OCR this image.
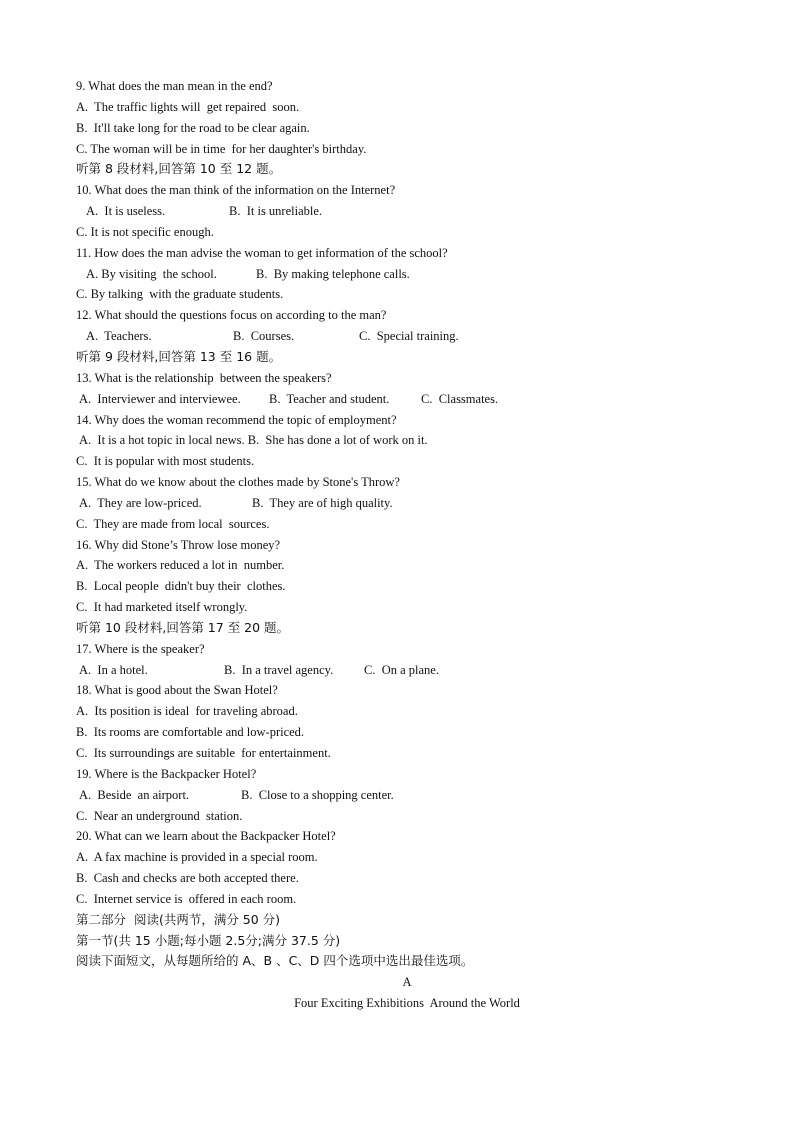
9. What does the man mean in the end?
A.  The traffic lights will  get repaired  soon.
B.  It'll take long for the road to be clear again.
C. The woman will be in time  for her daughter's birthday.
听第 8 段材料,回答第 10 至 12 题。
10. What does the man think of the information on the Internet?
A.  It is useless.	B.  It is unreliable.
C. It is not specific enough.
11. How does the man advise the woman to get information of the school?
A. By visiting  the school.	B.  By making telephone calls.
C. By talking  with the graduate students.
12. What should the questions focus on according to the man?
A.  Teachers.	B.  Courses.	C.  Special training.
听第 9 段材料,回答第 13 至 16 题。
13. What is the relationship  between the speakers?
A.  Interviewer and interviewee. B.  Teacher and student.	C.  Classmates.
14. Why does the woman recommend the topic of employment?
A.  It is a hot topic in local news. B.  She has done a lot of work on it.
C.  It is popular with most students.
15. What do we know about the clothes made by Stone's Throw?
A.  They are low-priced.	B.  They are of high quality.
C.  They are made from local  sources.
16. Why did Stone’s Throw lose money?
A.  The workers reduced a lot in  number.
B.  Local people  didn't buy their  clothes.
C.  It had marketed itself wrongly.
听第 10 段材料,回答第 17 至 20 题。
17. Where is the speaker?
A.  In a hotel.	B.  In a travel agency. C.  On a plane.
18. What is good about the Swan Hotel?
A.  Its position is ideal  for traveling abroad.
B.  Its rooms are comfortable and low-priced.
C.  Its surroundings are suitable  for entertainment.
19. Where is the Backpacker Hotel?
A.  Beside  an airport.	B.  Close to a shopping center.
C.  Near an underground  station.
20. What can we learn about the Backpacker Hotel?
A.  A fax machine is provided in a special room.
B.  Cash and checks are both accepted there.
C.  Internet service is  offered in each room.
第二部分  阅读(共两节，满分 50 分)
第一节(共 15 小题;每小题 2.5分;满分 37.5 分)
阅读下面短文，从每题所给的 A、B 、C、D 四个选项中选出最佳选项。
A
Four Exciting Exhibitions  Around the World
